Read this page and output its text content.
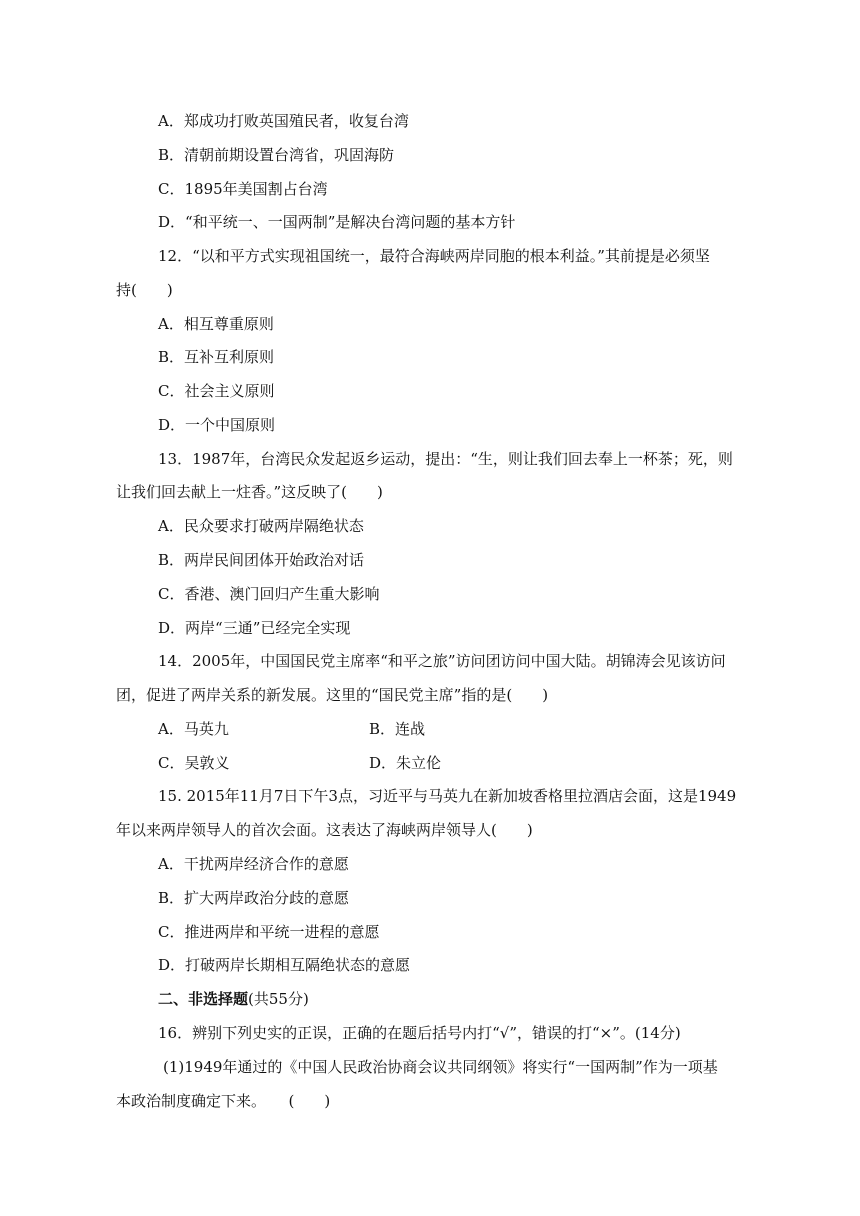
A．郑成功打败英国殖民者，收复台湾
B．清朝前期设置台湾省，巩固海防
C．1895年美国割占台湾
D．“和平统一、一国两制”是解决台湾问题的基本方针
12．“以和平方式实现祖国统一，最符合海峡两岸同胞的根本利益。”其前提是必须坚
持(　　)
A．相互尊重原则
B．互补互利原则
C．社会主义原则
D．一个中国原则
13．1987年，台湾民众发起返乡运动，提出：“生，则让我们回去奉上一杯茶；死，则
让我们回去献上一炷香。”这反映了(　　)
A．民众要求打破两岸隔绝状态
B．两岸民间团体开始政治对话
C．香港、澳门回归产生重大影响
D．两岸“三通”已经完全实现
14．2005年，中国国民党主席率“和平之旅”访问团访问中国大陆。胡锦涛会见该访问
团，促进了两岸关系的新发展。这里的“国民党主席”指的是(　　)
A．马英九	B．连战
C．吴敦义	D．朱立伦
15. 2015年11月7日下午3点，习近平与马英九在新加坡香格里拉酒店会面，这是1949
年以来两岸领导人的首次会面。这表达了海峡两岸领导人(　　)
A．干扰两岸经济合作的意愿
B．扩大两岸政治分歧的意愿
C．推进两岸和平统一进程的意愿
D．打破两岸长期相互隔绝状态的意愿
二、非选择题(共55分)
16．辨别下列史实的正误，正确的在题后括号内打“√”，错误的打“×”。(14分)
(1)1949年通过的《中国人民政治协商会议共同纲领》将实行“一国两制”作为一项基
本政治制度确定下来。　　(　　)
